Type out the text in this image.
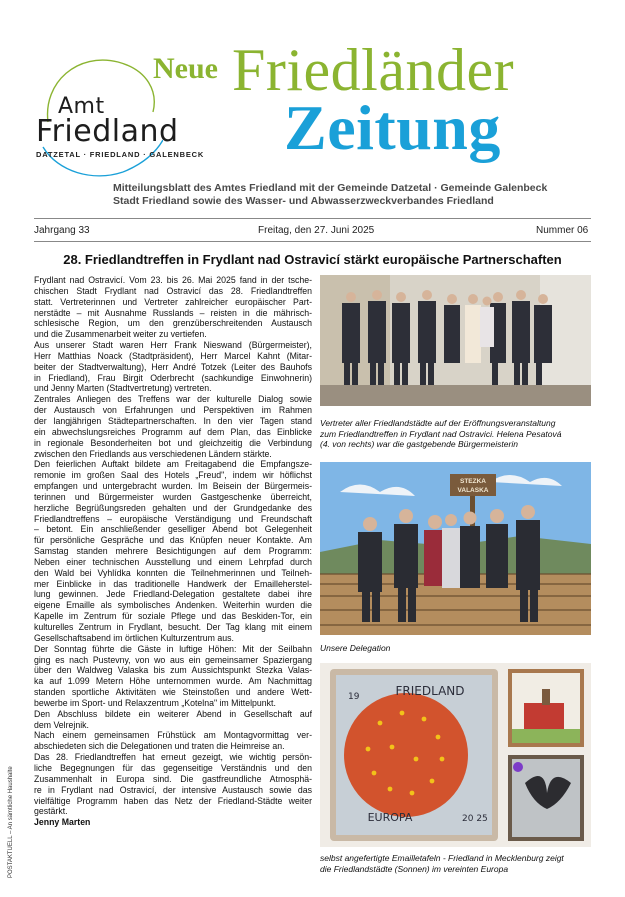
Amt
Friedland
DATZETAL · FRIEDLAND · GALENBECK
Neue Friedländer
Zeitung
Mitteilungsblatt des Amtes Friedland mit der Gemeinde Datzetal · Gemeinde Galenbeck
Stadt Friedland sowie des Wasser- und Abwasserzweckverbandes Friedland
Jahrgang 33	Freitag, den 27. Juni 2025	Nummer 06
28. Friedlandtreffen in Frydlant nad Ostravicí stärkt europäische Partnerschaften
Frydlant nad Ostravicí. Vom 23. bis 26. Mai 2025 fand in der tsche-
chischen Stadt Frydlant nad Ostravicí das 28. Friedlandtreffen
statt. Vertreterinnen und Vertreter zahlreicher europäischer Part-
nerstädte – mit Ausnahme Russlands – reisten in die mährisch-
schlesische Region, um den grenzüberschreitenden Austausch
und die Zusammenarbeit weiter zu vertiefen.
Aus unserer Stadt waren Herr Frank Nieswand (Bürgermeister),
Herr Matthias Noack (Stadtpräsident), Herr Marcel Kahnt (Mitar-
beiter der Stadtverwaltung), Herr André Totzek (Leiter des Bauhofs
in Friedland), Frau Birgit Oderbrecht (sachkundige Einwohnerin)
und Jenny Marten (Stadtvertretung) vertreten.
Zentrales Anliegen des Treffens war der kulturelle Dialog sowie
der Austausch von Erfahrungen und Perspektiven im Rahmen
der langjährigen Städtepartnerschaften. In den vier Tagen stand
ein abwechslungsreiches Programm auf dem Plan, das Einblicke
in regionale Besonderheiten bot und gleichzeitig die Verbindung
zwischen den Friedlands aus verschiedenen Ländern stärkte.
Den feierlichen Auftakt bildete am Freitagabend die Empfangsze-
remonie im großen Saal des Hotels „Freud", indem wir höflichst
empfangen und untergebracht wurden. Im Beisein der Bürgermeis-
terinnen und Bürgermeister wurden Gastgeschenke überreicht,
herzliche Begrüßungsreden gehalten und der Grundgedanke des
Friedlandtreffens – europäische Verständigung und Freundschaft
– betont. Ein anschließender geselliger Abend bot Gelegenheit
für persönliche Gespräche und das Knüpfen neuer Kontakte. Am
Samstag standen mehrere Besichtigungen auf dem Programm:
Neben einer technischen Ausstellung und einem Lehrpfad durch
den Wald bei Vyhlídka konnten die Teilnehmerinnen und Teilneh-
mer Einblicke in das traditionelle Handwerk der Emailleherstel-
lung gewinnen. Jede Friedland-Delegation gestaltete dabei ihre
eigene Emaille als symbolisches Andenken. Weiterhin wurden die
Kapelle im Zentrum für soziale Pflege und das Beskiden-Tor, ein
kulturelles Zentrum in Frydlant, besucht. Der Tag klang mit einem
Gesellschaftsabend im örtlichen Kulturzentrum aus.
Der Sonntag führte die Gäste in luftige Höhen: Mit der Seilbahn
ging es nach Pustevny, von wo aus ein gemeinsamer Spaziergang
über den Waldweg Valaska bis zum Aussichtspunkt Stezka Valas-
ka auf 1.099 Metern Höhe unternommen wurde. Am Nachmittag
standen sportliche Aktivitäten wie Steinstoßen und andere Wett-
bewerbe im Sport- und Relaxzentrum „Kotelna" im Mittelpunkt.
Den Abschluss bildete ein weiterer Abend in Gesellschaft auf
dem Velrejnik.
Nach einem gemeinsamen Frühstück am Montagvormittag ver-
abschiedeten sich die Delegationen und traten die Heimreise an.
Das 28. Friedlandtreffen hat erneut gezeigt, wie wichtig persön-
liche Begegnungen für das gegenseitige Verständnis und den
Zusammenhalt in Europa sind. Die gastfreundliche Atmosphä-
re in Frydlant nad Ostravicí, der intensive Austausch sowie das
vielfältige Programm haben das Netz der Friedland-Städte weiter
gestärkt.
Jenny Marten
POSTAKTUELL – An sämtliche Haushalte
Vertreter aller Friedlandstädte auf der Eröffnungsveranstaltung
zum Friedlandtreffen in Frydlant nad Ostravici. Helena Pesatová
(4. von rechts) war die gastgebende Bürgermeisterin
STEZKA
VALASKA
Unsere Delegation
FRIEDLAND
EUROPA
19
20 25
selbst angefertigte Emailletafeln - Friedland in Mecklenburg zeigt
die Friedlandstädte (Sonnen) im vereinten Europa
